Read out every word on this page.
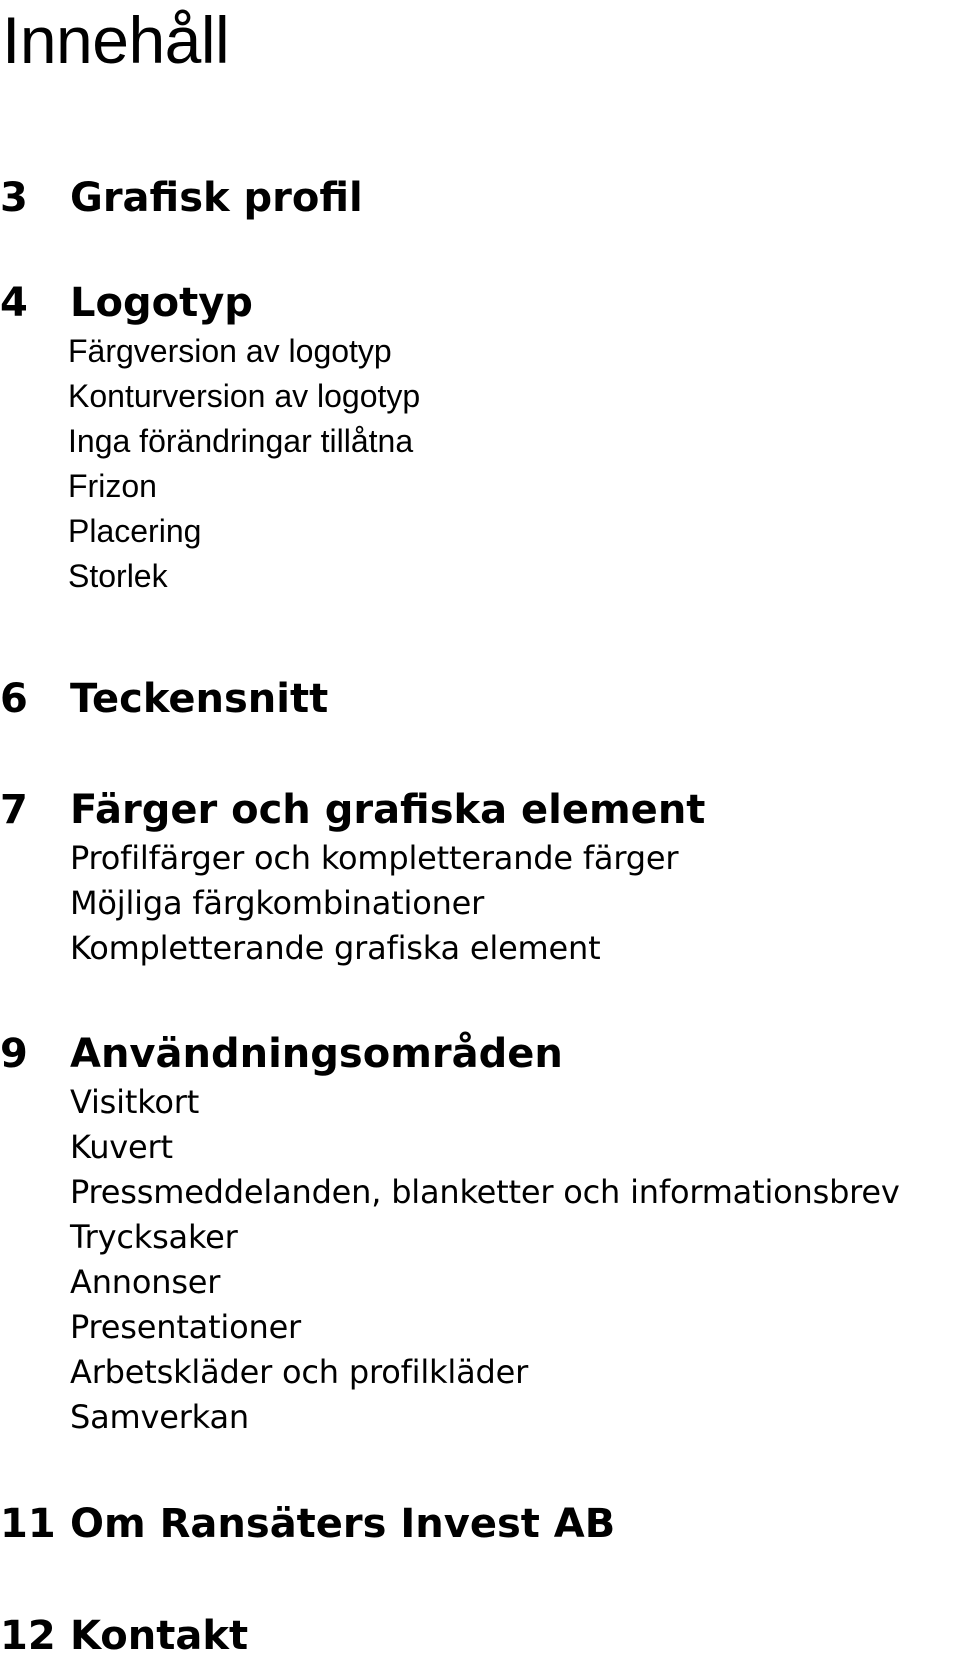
Innehåll
3 Grafisk profil
4 Logotyp
Färgversion av logotyp
Konturversion av logotyp
Inga förändringar tillåtna
Frizon
Placering
Storlek
6 Teckensnitt
7 Färger och grafiska element
Profilfärger och kompletterande färger
Möjliga färgkombinationer
Kompletterande grafiska element
9 Användningsområden
Visitkort
Kuvert
Pressmeddelanden, blanketter och informationsbrev
Trycksaker
Annonser
Presentationer
Arbetskläder och profilkläder
Samverkan
11 Om Ransäters Invest AB
12 Kontakt
